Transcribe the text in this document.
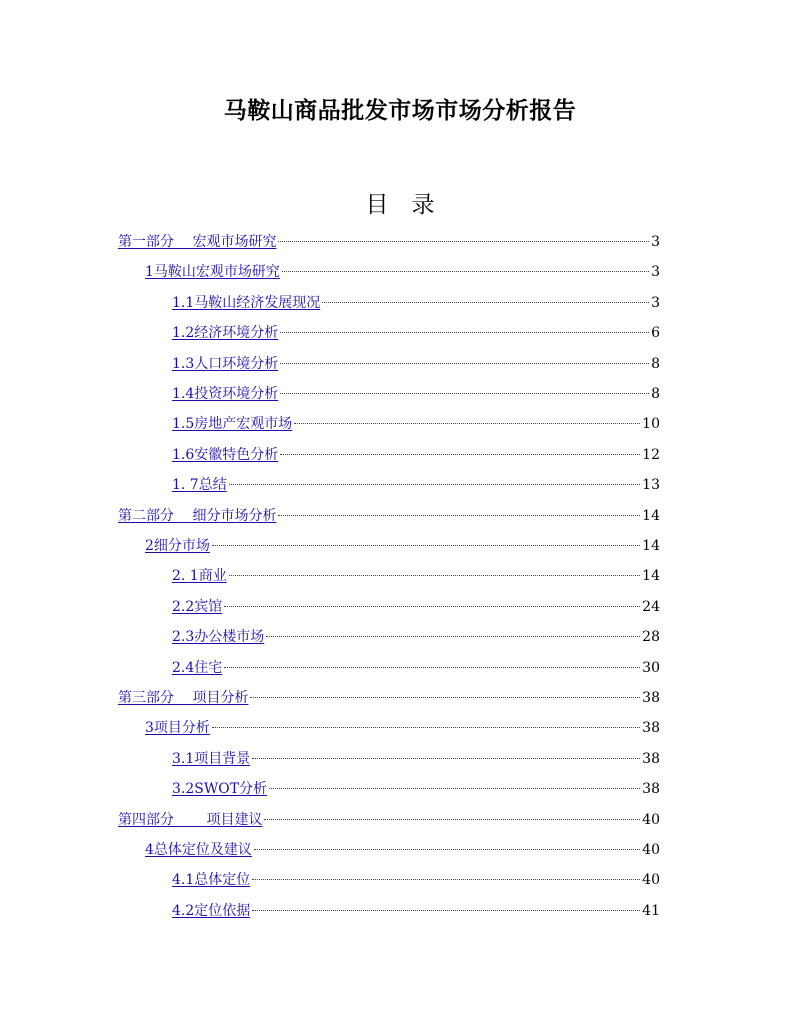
马鞍山商品批发市场市场分析报告
目　录
第一部分　 宏观市场研究	3
1马鞍山宏观市场研究	3
1.1马鞍山经济发展现况	3
1.2经济环境分析	6
1.3人口环境分析	8
1.4投资环境分析	8
1.5房地产宏观市场	10
1.6安徽特色分析	12
1. 7总结	13
第二部分　 细分市场分析	14
2细分市场	14
2. 1商业	14
2.2宾馆	24
2.3办公楼市场	28
2.4住宅	30
第三部分　 项目分析	38
3项目分析	38
3.1项目背景	38
3.2SWOT分析	38
第四部分　　 项目建议	40
4总体定位及建议	40
4.1总体定位	40
4.2定位依据	41
